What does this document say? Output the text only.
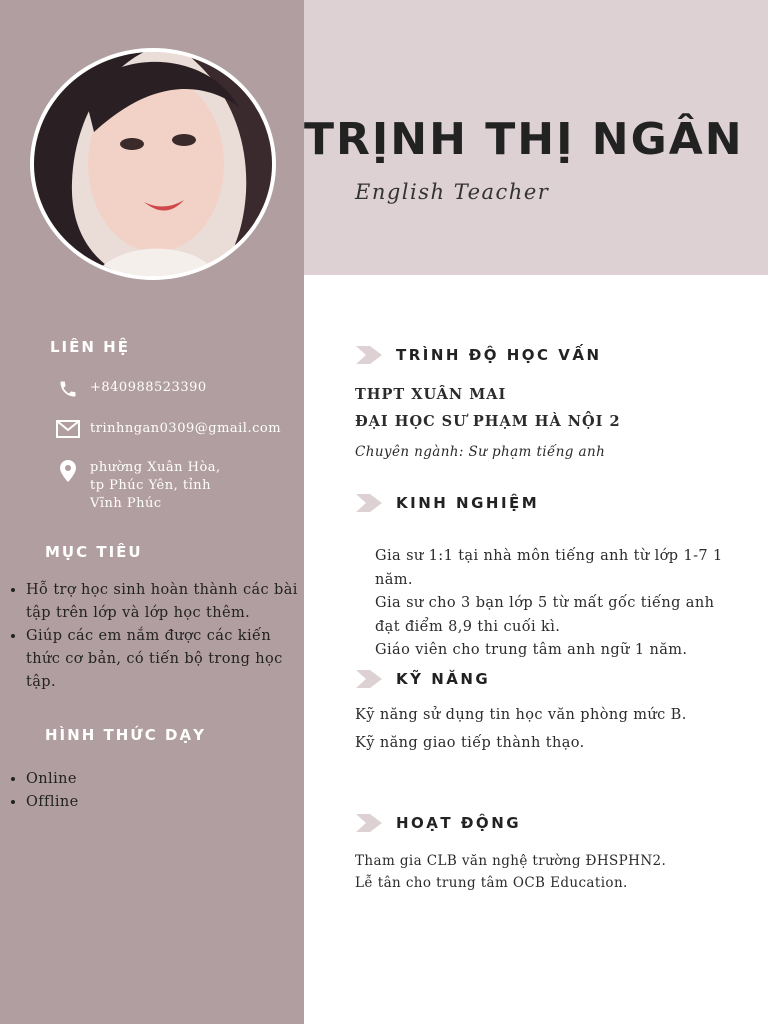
TRỊNH THỊ NGÂN

English Teacher

LIÊN HỆ
+840988523390
trinhngan0309@gmail.com
phường Xuân Hòa,
tp Phúc Yên, tỉnh
Vĩnh Phúc
MỤC TIÊU
• Hỗ trợ học sinh hoàn thành các bài tập trên lớp và lớp học thêm.
• Giúp các em nắm được các kiến thức cơ bản, có tiến bộ trong học tập.
HÌNH THỨC DẠY
• Online
• Offline
TRÌNH ĐỘ HỌC VẤN

THPT XUÂN MAI

ĐẠI HỌC SƯ PHẠM HÀ NỘI 2

Chuyên ngành: Sư phạm tiếng anh

KINH NGHIỆM

Gia sư 1:1 tại nhà môn tiếng anh từ lớp 1-7 1 năm.

Gia sư cho 3 bạn lớp 5 từ mất gốc tiếng anh đạt điểm 8,9 thi cuối kì.

Giáo viên cho trung tâm anh ngữ 1 năm.

KỸ NĂNG

Kỹ năng sử dụng tin học văn phòng mức B.

Kỹ năng giao tiếp thành thạo.

HOẠT ĐỘNG

Tham gia CLB văn nghệ trường ĐHSPHN2.

Lễ tân cho trung tâm OCB Education.
